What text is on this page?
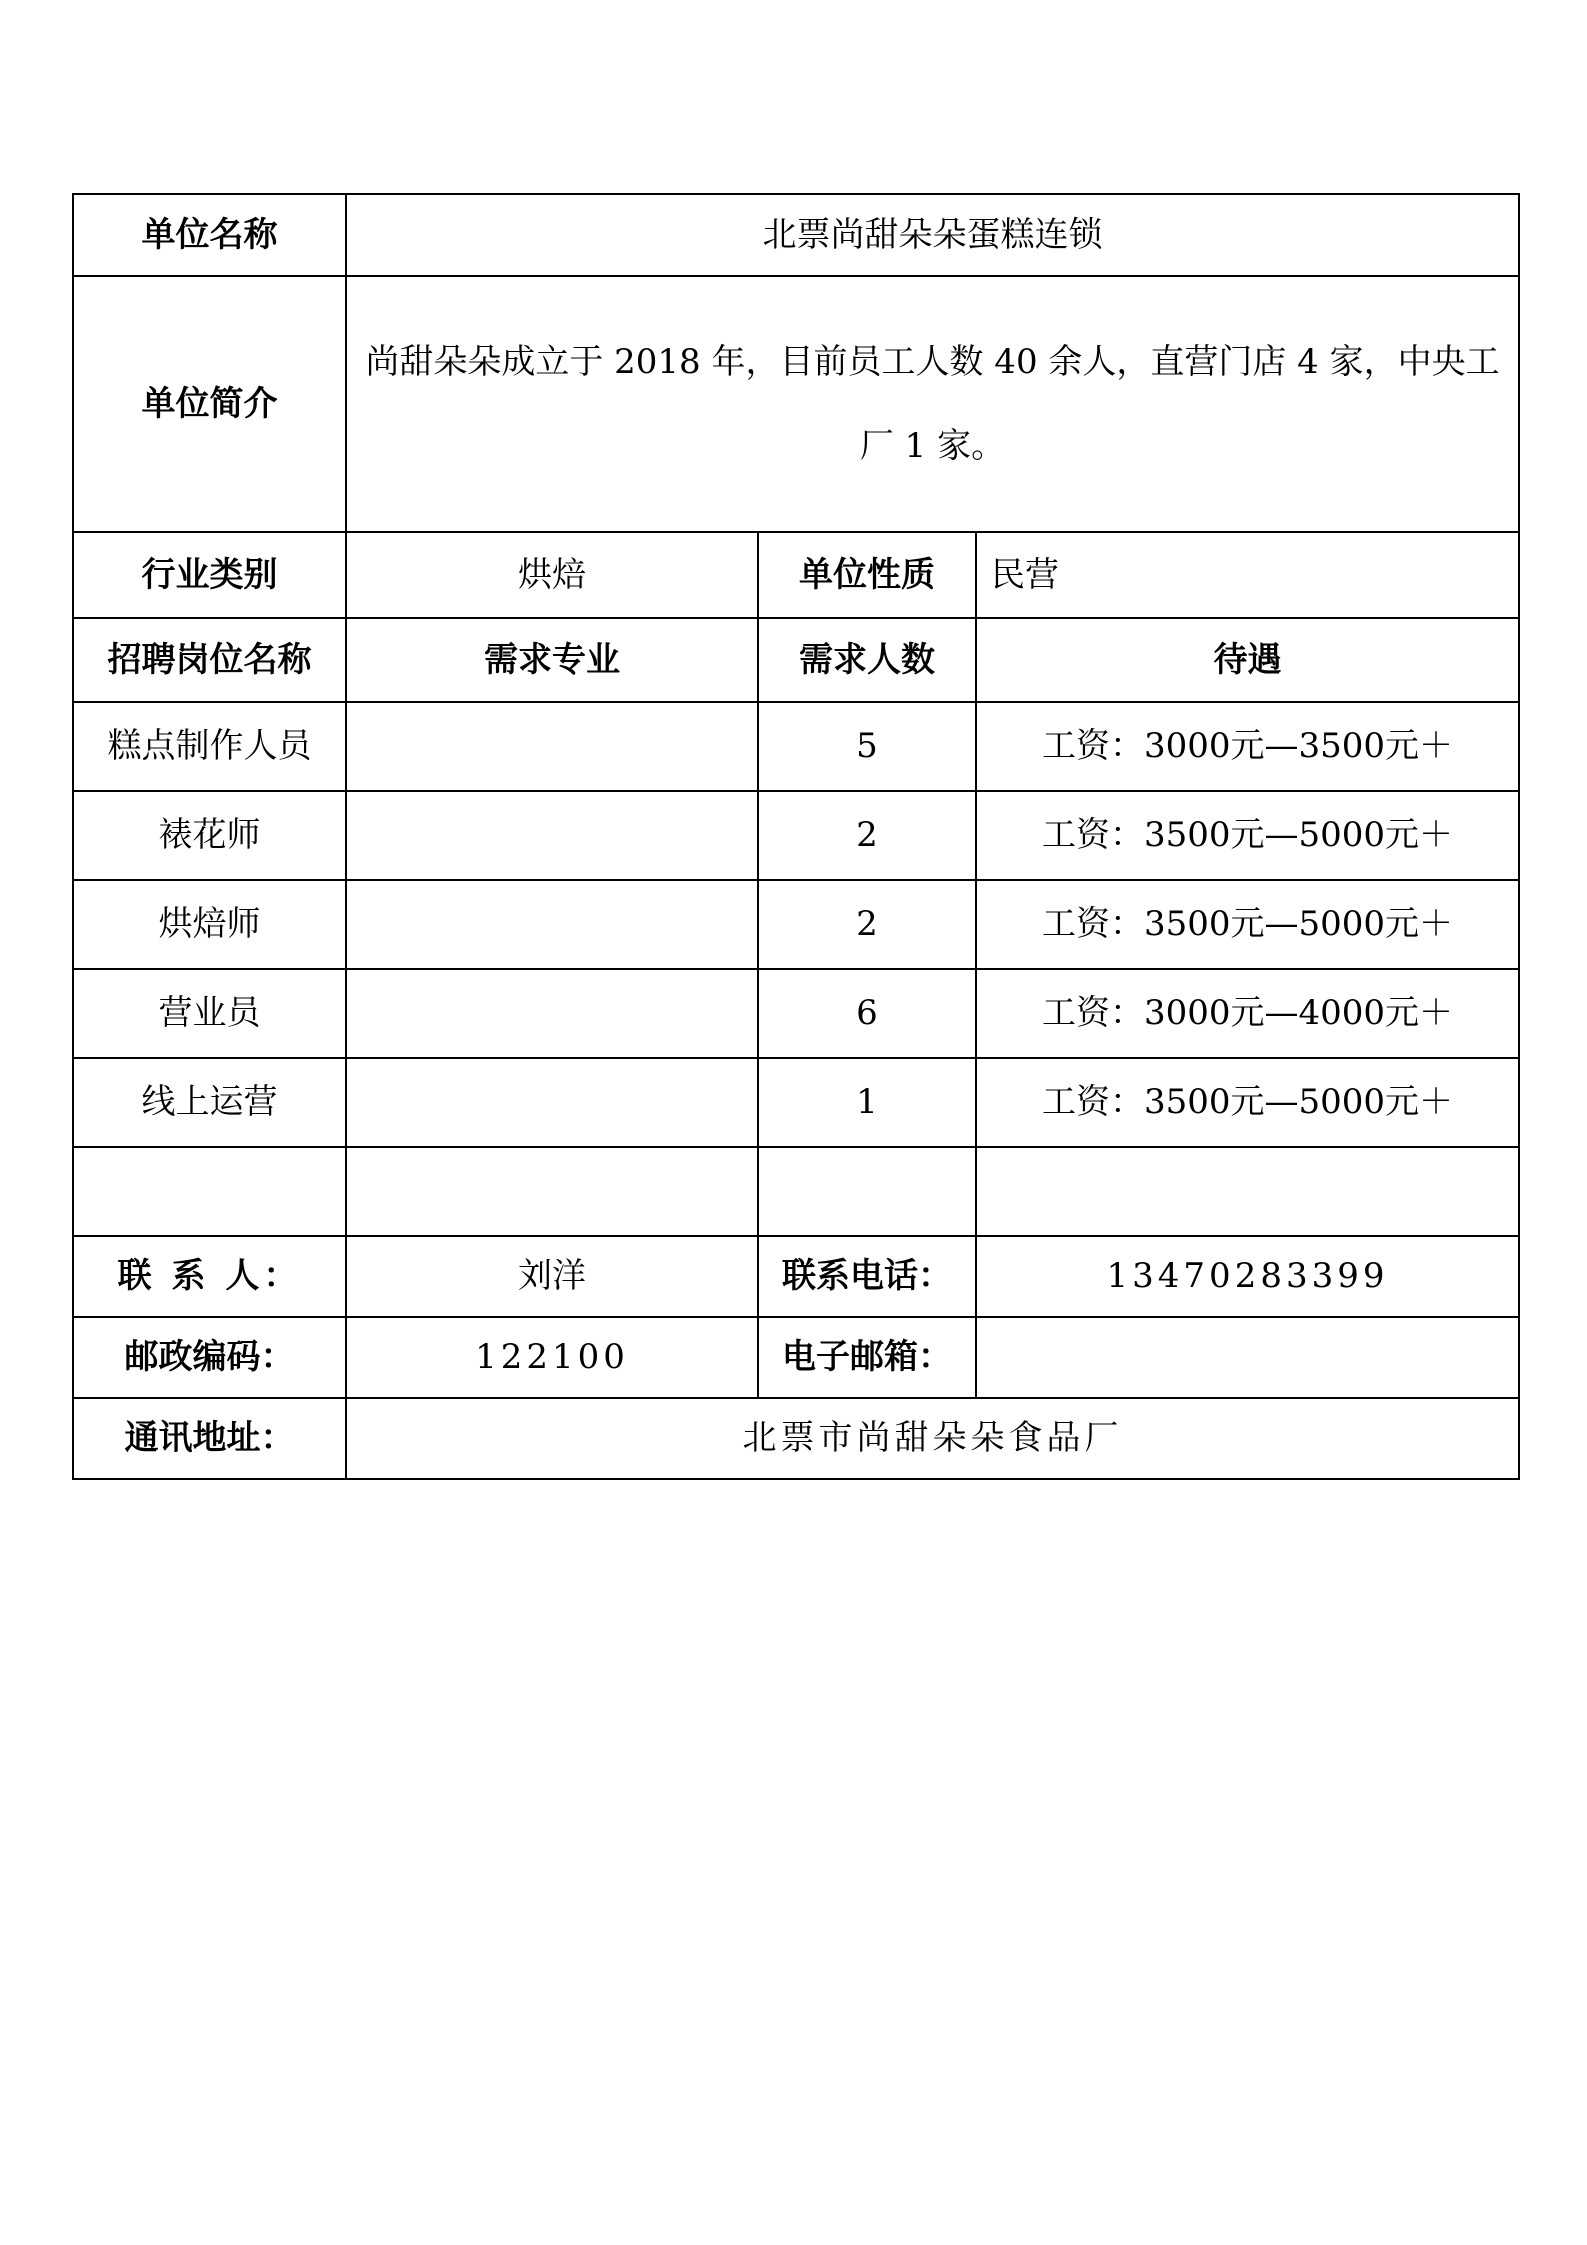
单位名称	北票尚甜朵朵蛋糕连锁		
单位简介	尚甜朵朵成立于 2018 年，目前员工人数 40 余人，直营门店 4 家，中央工厂 1 家。		
行业类别	烘焙	单位性质	民营
招聘岗位名称	需求专业	需求人数	待遇
糕点制作人员		5	工资：3000元—3500元＋
裱花师		2	工资：3500元—5000元＋
烘焙师		2	工资：3500元—5000元＋
营业员		6	工资：3000元—4000元＋
线上运营		1	工资：3500元—5000元＋

联 系 人：	刘洋	联系电话：	13470283399
邮政编码：	122100	电子邮箱：	
通讯地址：	北票市尚甜朵朵食品厂		
